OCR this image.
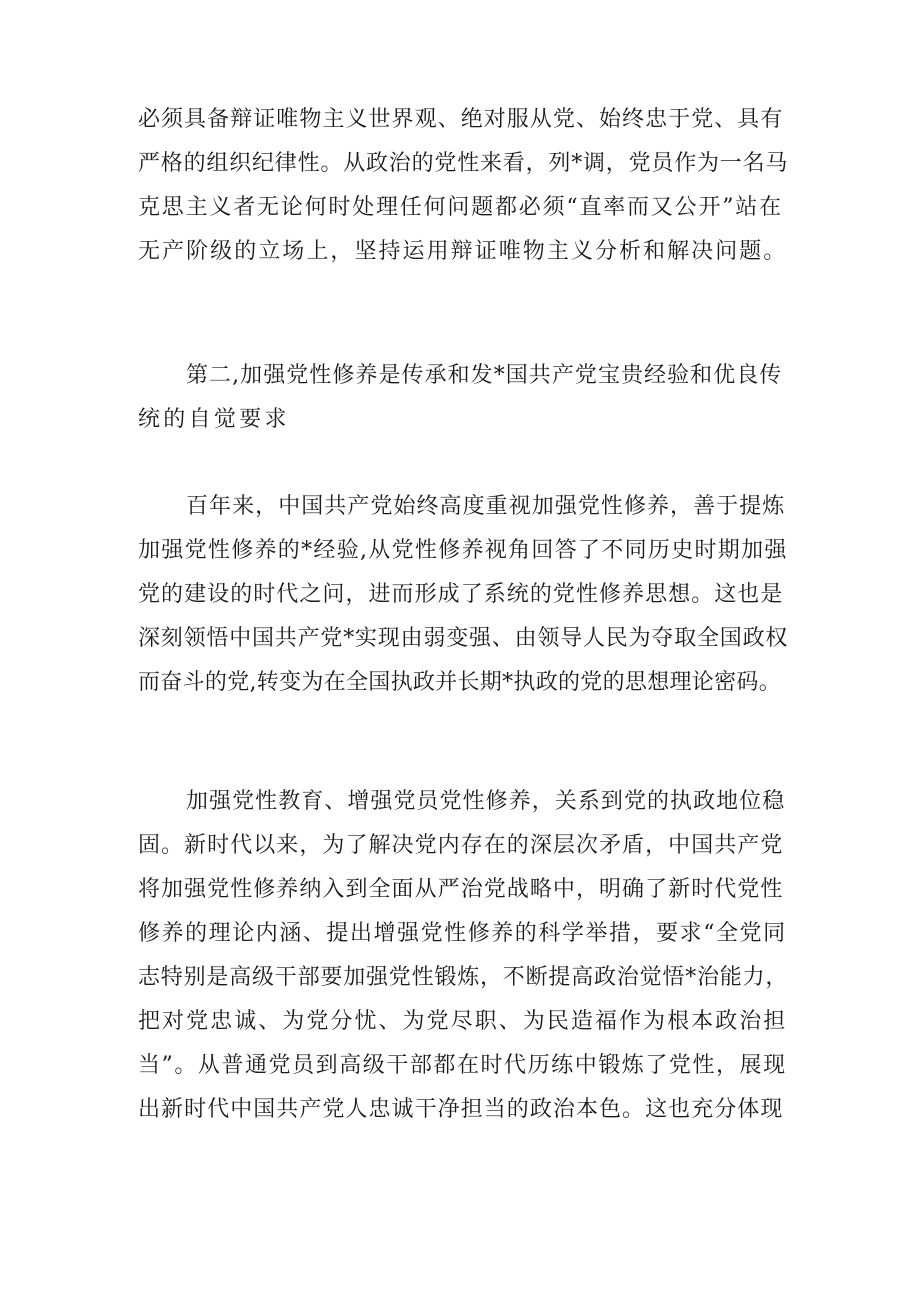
必须具备辩证唯物主义世界观、绝对服从党、始终忠于党、具有
严格的组织纪律性。从政治的党性来看，列*调，党员作为一名马
克思主义者无论何时处理任何问题都必须“直率而又公开”站在
无产阶级的立场上，坚持运用辩证唯物主义分析和解决问题。
第二,加强党性修养是传承和发*国共产党宝贵经验和优良传
统的自觉要求
百年来，中国共产党始终高度重视加强党性修养，善于提炼
加强党性修养的*经验,从党性修养视角回答了不同历史时期加强
党的建设的时代之问，进而形成了系统的党性修养思想。这也是
深刻领悟中国共产党*实现由弱变强、由领导人民为夺取全国政权
而奋斗的党,转变为在全国执政并长期*执政的党的思想理论密码。
加强党性教育、增强党员党性修养，关系到党的执政地位稳
固。新时代以来，为了解决党内存在的深层次矛盾，中国共产党
将加强党性修养纳入到全面从严治党战略中，明确了新时代党性
修养的理论内涵、提出增强党性修养的科学举措，要求“全党同
志特别是高级干部要加强党性锻炼，不断提高政治觉悟*治能力，
把对党忠诚、为党分忧、为党尽职、为民造福作为根本政治担
当”。从普通党员到高级干部都在时代历练中锻炼了党性，展现
出新时代中国共产党人忠诚干净担当的政治本色。这也充分体现
